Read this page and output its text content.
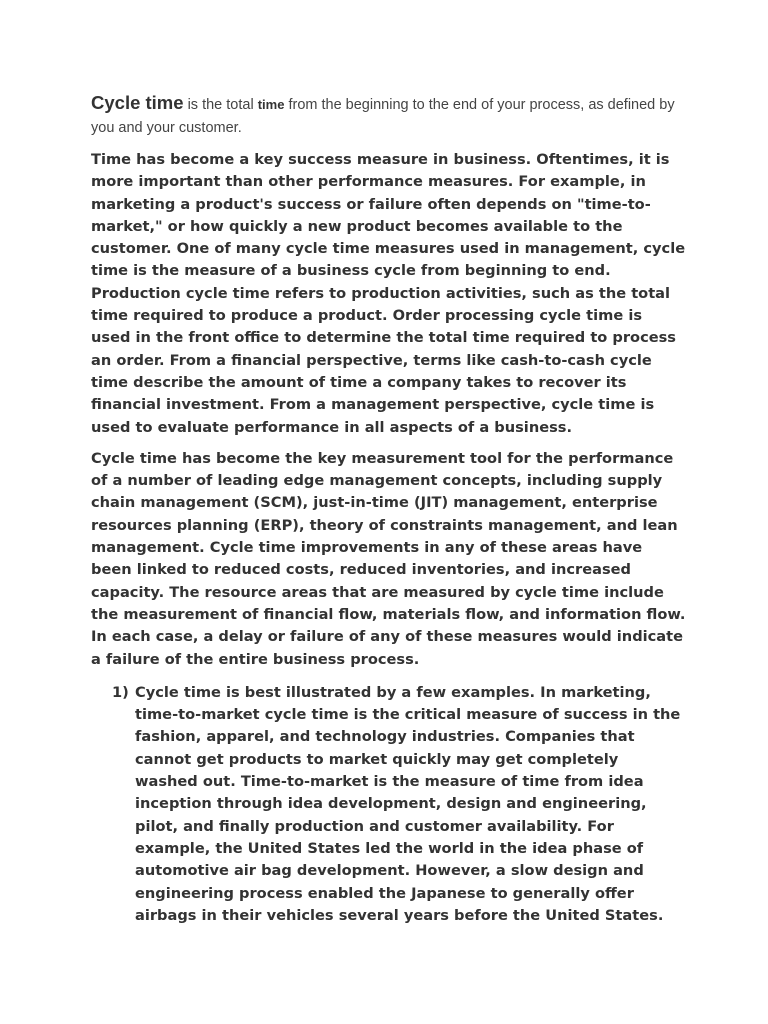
Cycle time is the total time from the beginning to the end of your process, as defined by you and your customer.

Time has become a key success measure in business. Oftentimes, it is more important than other performance measures. For example, in marketing a product's success or failure often depends on "time-to-market," or how quickly a new product becomes available to the customer. One of many cycle time measures used in management, cycle time is the measure of a business cycle from beginning to end. Production cycle time refers to production activities, such as the total time required to produce a product. Order processing cycle time is used in the front office to determine the total time required to process an order. From a financial perspective, terms like cash-to-cash cycle time describe the amount of time a company takes to recover its financial investment. From a management perspective, cycle time is used to evaluate performance in all aspects of a business.

Cycle time has become the key measurement tool for the performance of a number of leading edge management concepts, including supply chain management (SCM), just-in-time (JIT) management, enterprise resources planning (ERP), theory of constraints management, and lean management. Cycle time improvements in any of these areas have been linked to reduced costs, reduced inventories, and increased capacity. The resource areas that are measured by cycle time include the measurement of financial flow, materials flow, and information flow. In each case, a delay or failure of any of these measures would indicate a failure of the entire business process.

1) Cycle time is best illustrated by a few examples. In marketing, time-to-market cycle time is the critical measure of success in the fashion, apparel, and technology industries. Companies that cannot get products to market quickly may get completely washed out. Time-to-market is the measure of time from idea inception through idea development, design and engineering, pilot, and finally production and customer availability. For example, the United States led the world in the idea phase of automotive air bag development. However, a slow design and engineering process enabled the Japanese to generally offer airbags in their vehicles several years before the United States.
